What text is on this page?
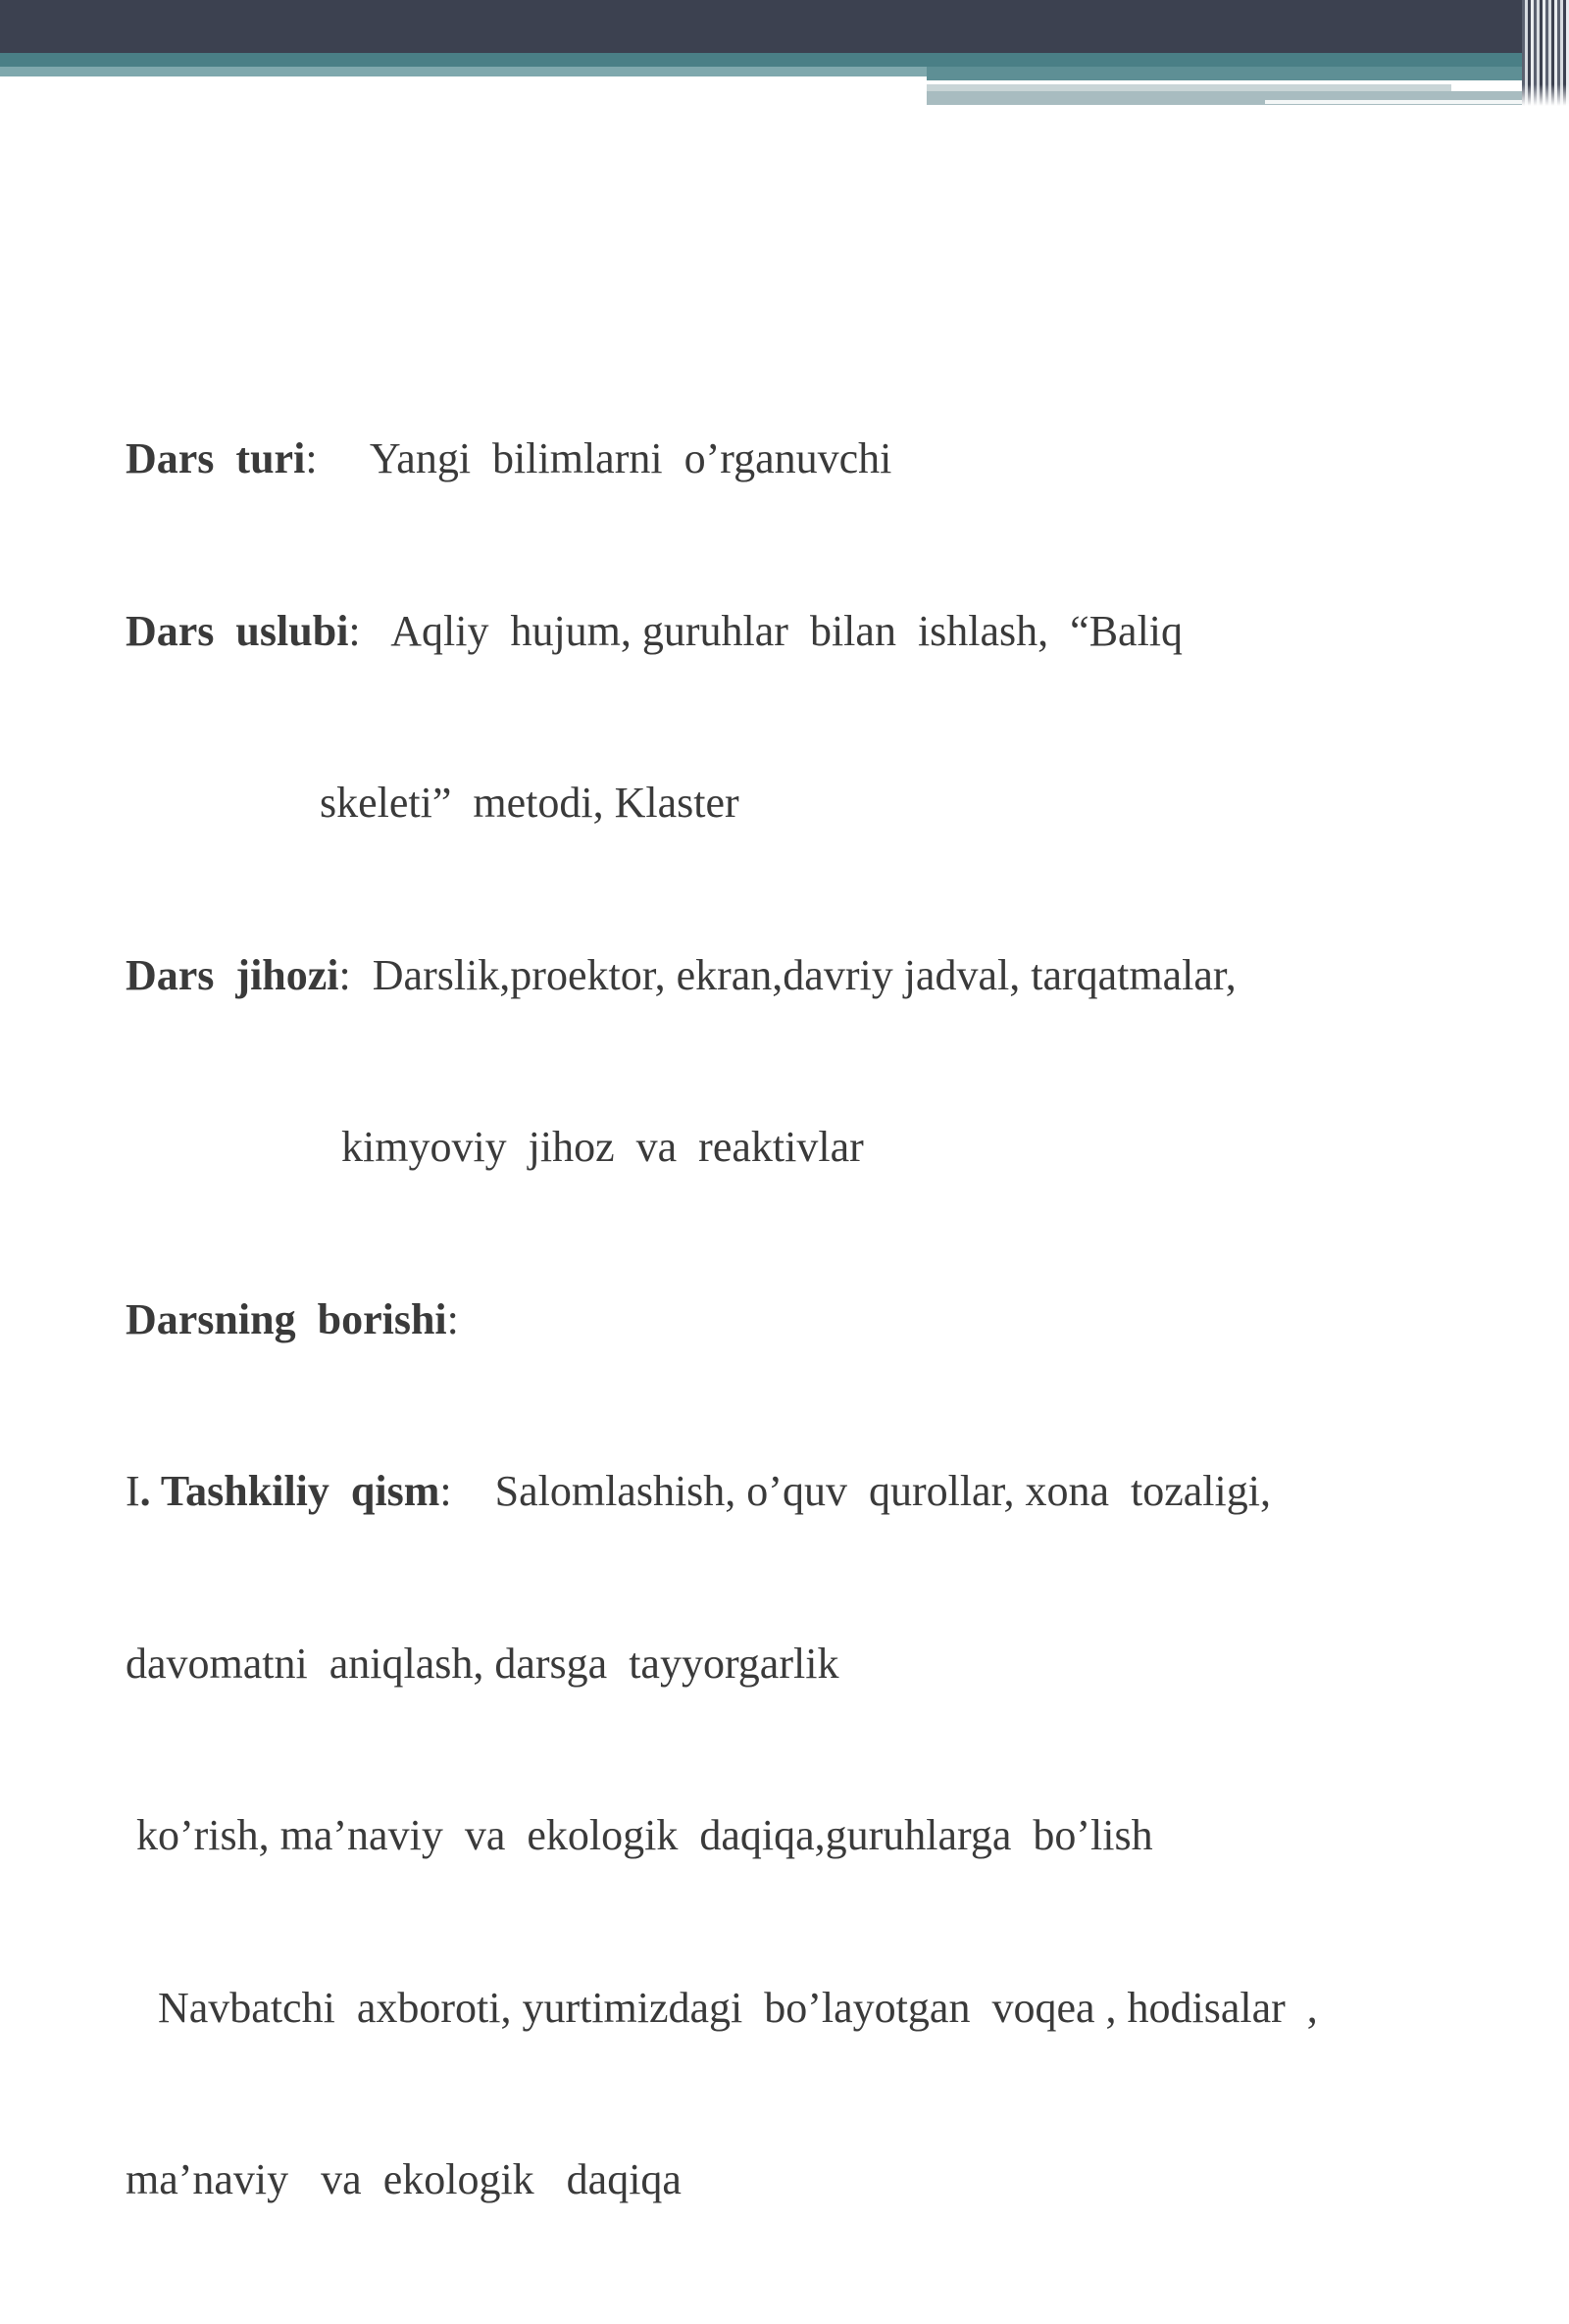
Dars  turi:     Yangi  bilimlarni  o’rganuvchi

Dars  uslubi:   Aqliy  hujum, guruhlar  bilan  ishlash,  “Baliq

skeleti”  metodi, Klaster

Dars  jihozi:  Darslik,proektor, ekran,davriy jadval, tarqatmalar,

kimyoviy  jihoz  va  reaktivlar

Darsning  borishi:

I. Tashkiliy  qism:    Salomlashish, o’quv  qurollar, xona  tozaligi,

davomatni  aniqlash, darsga  tayyorgarlik

ko’rish, ma’naviy  va  ekologik  daqiqa,guruhlarga  bo’lish

Navbatchi  axboroti, yurtimizdagi  bo’layotgan  voqea , hodisalar  ,

ma’naviy   va  ekologik   daqiqa
